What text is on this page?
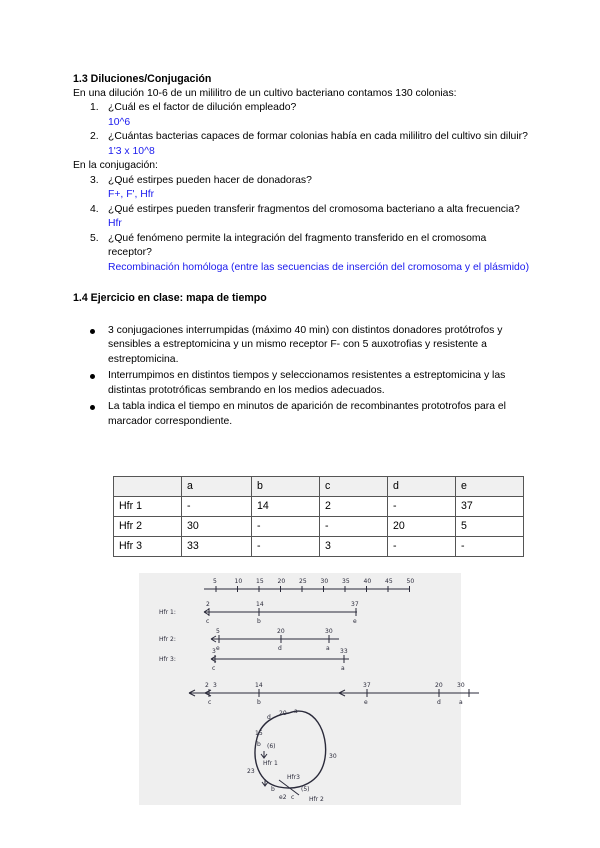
1.3 Diluciones/Conjugación
En una dilución 10-6 de un mililitro de un cultivo bacteriano contamos 130 colonias:
1. ¿Cuál es el factor de dilución empleado?
10^6
2. ¿Cuántas bacterias capaces de formar colonias había en cada mililitro del cultivo sin diluir?
1'3 x 10^8
En la conjugación:
3. ¿Qué estirpes pueden hacer de donadoras?
F+, F', Hfr
4. ¿Qué estirpes pueden transferir fragmentos del cromosoma bacteriano a alta frecuencia?
Hfr
5. ¿Qué fenómeno permite la integración del fragmento transferido en el cromosoma receptor?
Recombinación homóloga (entre las secuencias de inserción del cromosoma y el plásmido)
1.4 Ejercicio en clase: mapa de tiempo
3 conjugaciones interrumpidas (máximo 40 min) con distintos donadores protótrofos y sensibles a estreptomicina y un mismo receptor F- con 5 auxotrofias y resistente a estreptomicina.
Interrumpimos en distintos tiempos y seleccionamos resistentes a estreptomicina y las distintas prototróficas sembrando en los medios adecuados.
La tabla indica el tiempo en minutos de aparición de recombinantes prototrofos para el marcador correspondiente.
	a	b	c	d	e
Hfr 1	-	14	2	-	37
Hfr 2	30	-	-	20	5
Hfr 3	33	-	3	-	-
5	10 15 20 25 30 35 40 45 50
Hfr 1:
Hfr 2:
Hfr 3:
2
c
14
b
37
e
5
e
20
d
30
a
3
c
33
a
2 3
c
14
b
37
e
20
d
30
a
d
20 a
15
b (6)
Hfr 1
30
23
b
Hfr3
e2 c
(5)
Hfr 2
